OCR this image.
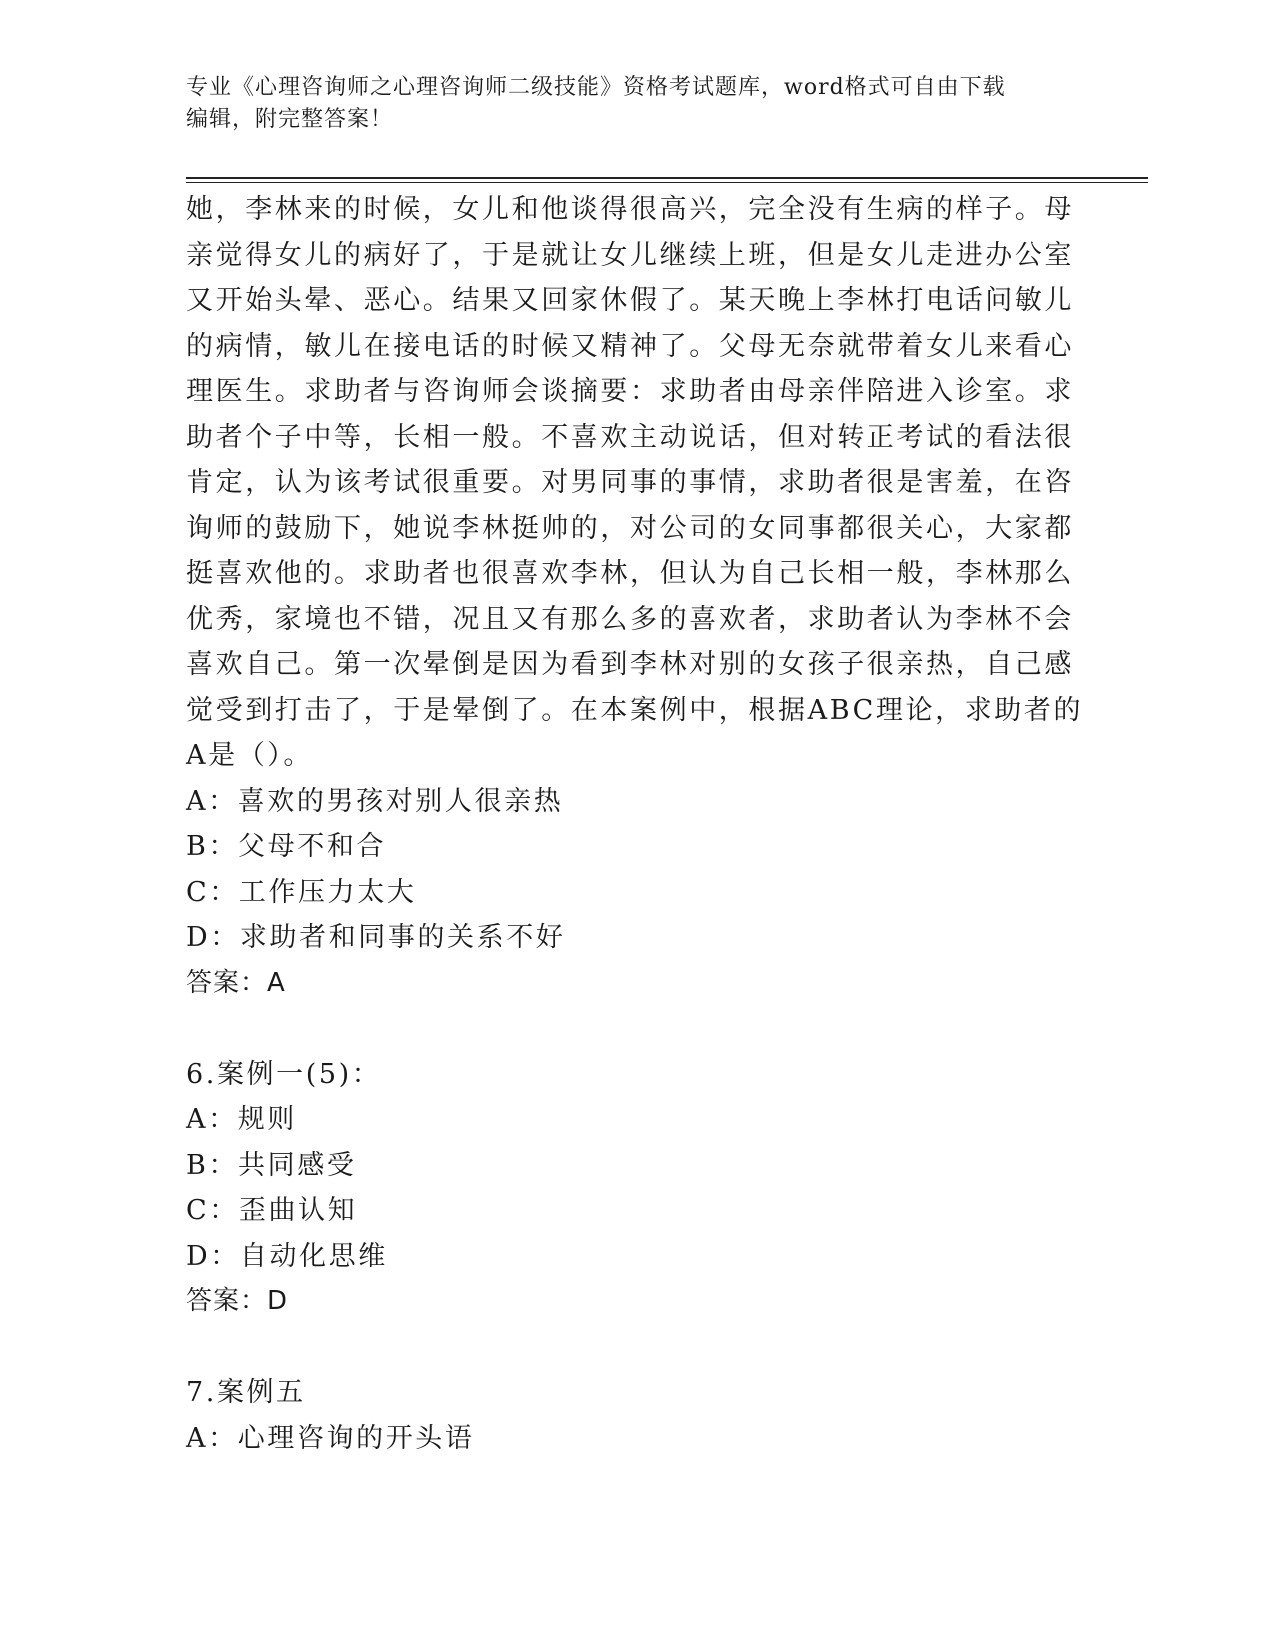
专业《心理咨询师之心理咨询师二级技能》资格考试题库，word格式可自由下载
编辑，附完整答案！
她，李林来的时候，女儿和他谈得很高兴，完全没有生病的样子。母
亲觉得女儿的病好了，于是就让女儿继续上班，但是女儿走进办公室
又开始头晕、恶心。结果又回家休假了。某天晚上李林打电话问敏儿
的病情，敏儿在接电话的时候又精神了。父母无奈就带着女儿来看心
理医生。求助者与咨询师会谈摘要：求助者由母亲伴陪进入诊室。求
助者个子中等，长相一般。不喜欢主动说话，但对转正考试的看法很
肯定，认为该考试很重要。对男同事的事情，求助者很是害羞，在咨
询师的鼓励下，她说李林挺帅的，对公司的女同事都很关心，大家都
挺喜欢他的。求助者也很喜欢李林，但认为自己长相一般，李林那么
优秀，家境也不错，况且又有那么多的喜欢者，求助者认为李林不会
喜欢自己。第一次晕倒是因为看到李林对别的女孩子很亲热，自己感
觉受到打击了，于是晕倒了。在本案例中，根据ABC理论，求助者的
A是（）。
A：喜欢的男孩对别人很亲热
B：父母不和合
C：工作压力太大
D：求助者和同事的关系不好
答案：A
6.案例一(5)：
A：规则
B：共同感受
C：歪曲认知
D：自动化思维
答案：D
7.案例五
A：心理咨询的开头语
